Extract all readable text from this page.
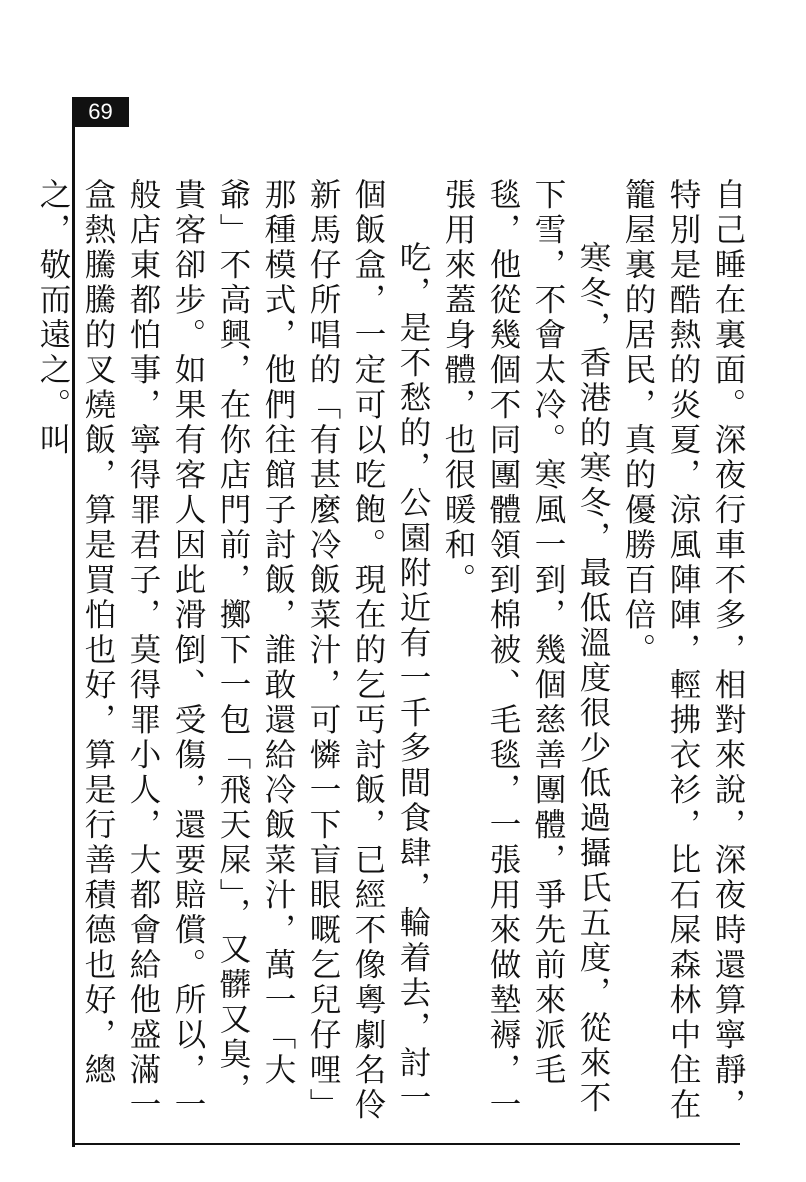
69

自己睡在裏面。深夜行車不多，相對來說，深夜時還算寧靜，特別是酷熱的炎夏，涼風陣陣，輕拂衣衫，比石屎森林中住在籠屋裏的居民，真的優勝百倍。

寒冬，香港的寒冬，最低溫度很少低過攝氏五度，從來不下雪，不會太冷。寒風一到，幾個慈善團體，爭先前來派毛毯，他從幾個不同團體領到棉被、毛毯，一張用來做墊褥，一張用來蓋身體，也很暖和。

吃，是不愁的，公園附近有一千多間食肆，輪着去，討一個飯盒，一定可以吃飽。現在的乞丐討飯，已經不像粵劇名伶新馬仔所唱的「有甚麼冷飯菜汁，可憐一下盲眼嘅乞兒仔哩」那種模式，他們往館子討飯，誰敢還給冷飯菜汁，萬一「大爺」不高興，在你店門前，擲下一包「飛天屎」，又髒又臭，貴客卻步。如果有客人因此滑倒、受傷，還要賠償。所以，一般店東都怕事，寧得罪君子，莫得罪小人，大都會給他盛滿一盒熱騰騰的叉燒飯，算是買怕也好，算是行善積德也好，總之，敬而遠之。叫
